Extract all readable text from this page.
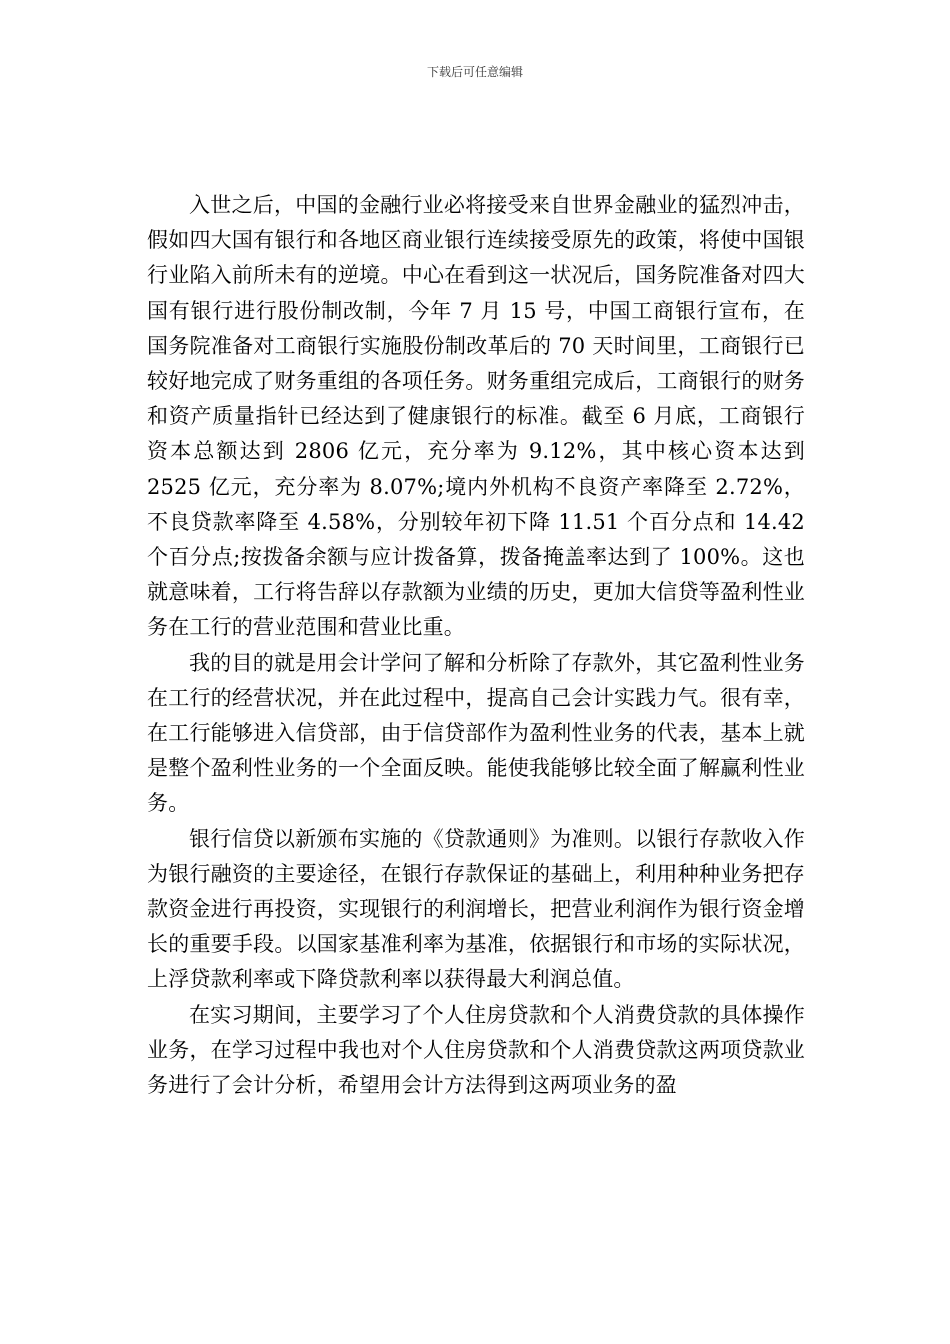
下载后可任意编辑

入世之后，中国的金融行业必将接受来自世界金融业的猛烈冲击，假如四大国有银行和各地区商业银行连续接受原先的政策，将使中国银行业陷入前所未有的逆境。中心在看到这一状况后，国务院准备对四大国有银行进行股份制改制，今年 7 月 15 号，中国工商银行宣布，在国务院准备对工商银行实施股份制改革后的 70 天时间里，工商银行已较好地完成了财务重组的各项任务。财务重组完成后，工商银行的财务和资产质量指针已经达到了健康银行的标准。截至 6 月底，工商银行资本总额达到 2806 亿元，充分率为 9.12%，其中核心资本达到 2525 亿元，充分率为 8.07%;境内外机构不良资产率降至 2.72%，不良贷款率降至 4.58%，分别较年初下降 11.51 个百分点和 14.42 个百分点;按拨备余额与应计拨备算，拨备掩盖率达到了 100%。这也就意味着，工行将告辞以存款额为业绩的历史，更加大信贷等盈利性业务在工行的营业范围和营业比重。

我的目的就是用会计学问了解和分析除了存款外，其它盈利性业务在工行的经营状况，并在此过程中，提高自己会计实践力气。很有幸，在工行能够进入信贷部，由于信贷部作为盈利性业务的代表，基本上就是整个盈利性业务的一个全面反映。能使我能够比较全面了解赢利性业务。

银行信贷以新颁布实施的《贷款通则》为准则。以银行存款收入作为银行融资的主要途径，在银行存款保证的基础上，利用种种业务把存款资金进行再投资，实现银行的利润增长，把营业利润作为银行资金增长的重要手段。以国家基准利率为基准，依据银行和市场的实际状况，上浮贷款利率或下降贷款利率以获得最大利润总值。

在实习期间，主要学习了个人住房贷款和个人消费贷款的具体操作业务，在学习过程中我也对个人住房贷款和个人消费贷款这两项贷款业务进行了会计分析，希望用会计方法得到这两项业务的盈
